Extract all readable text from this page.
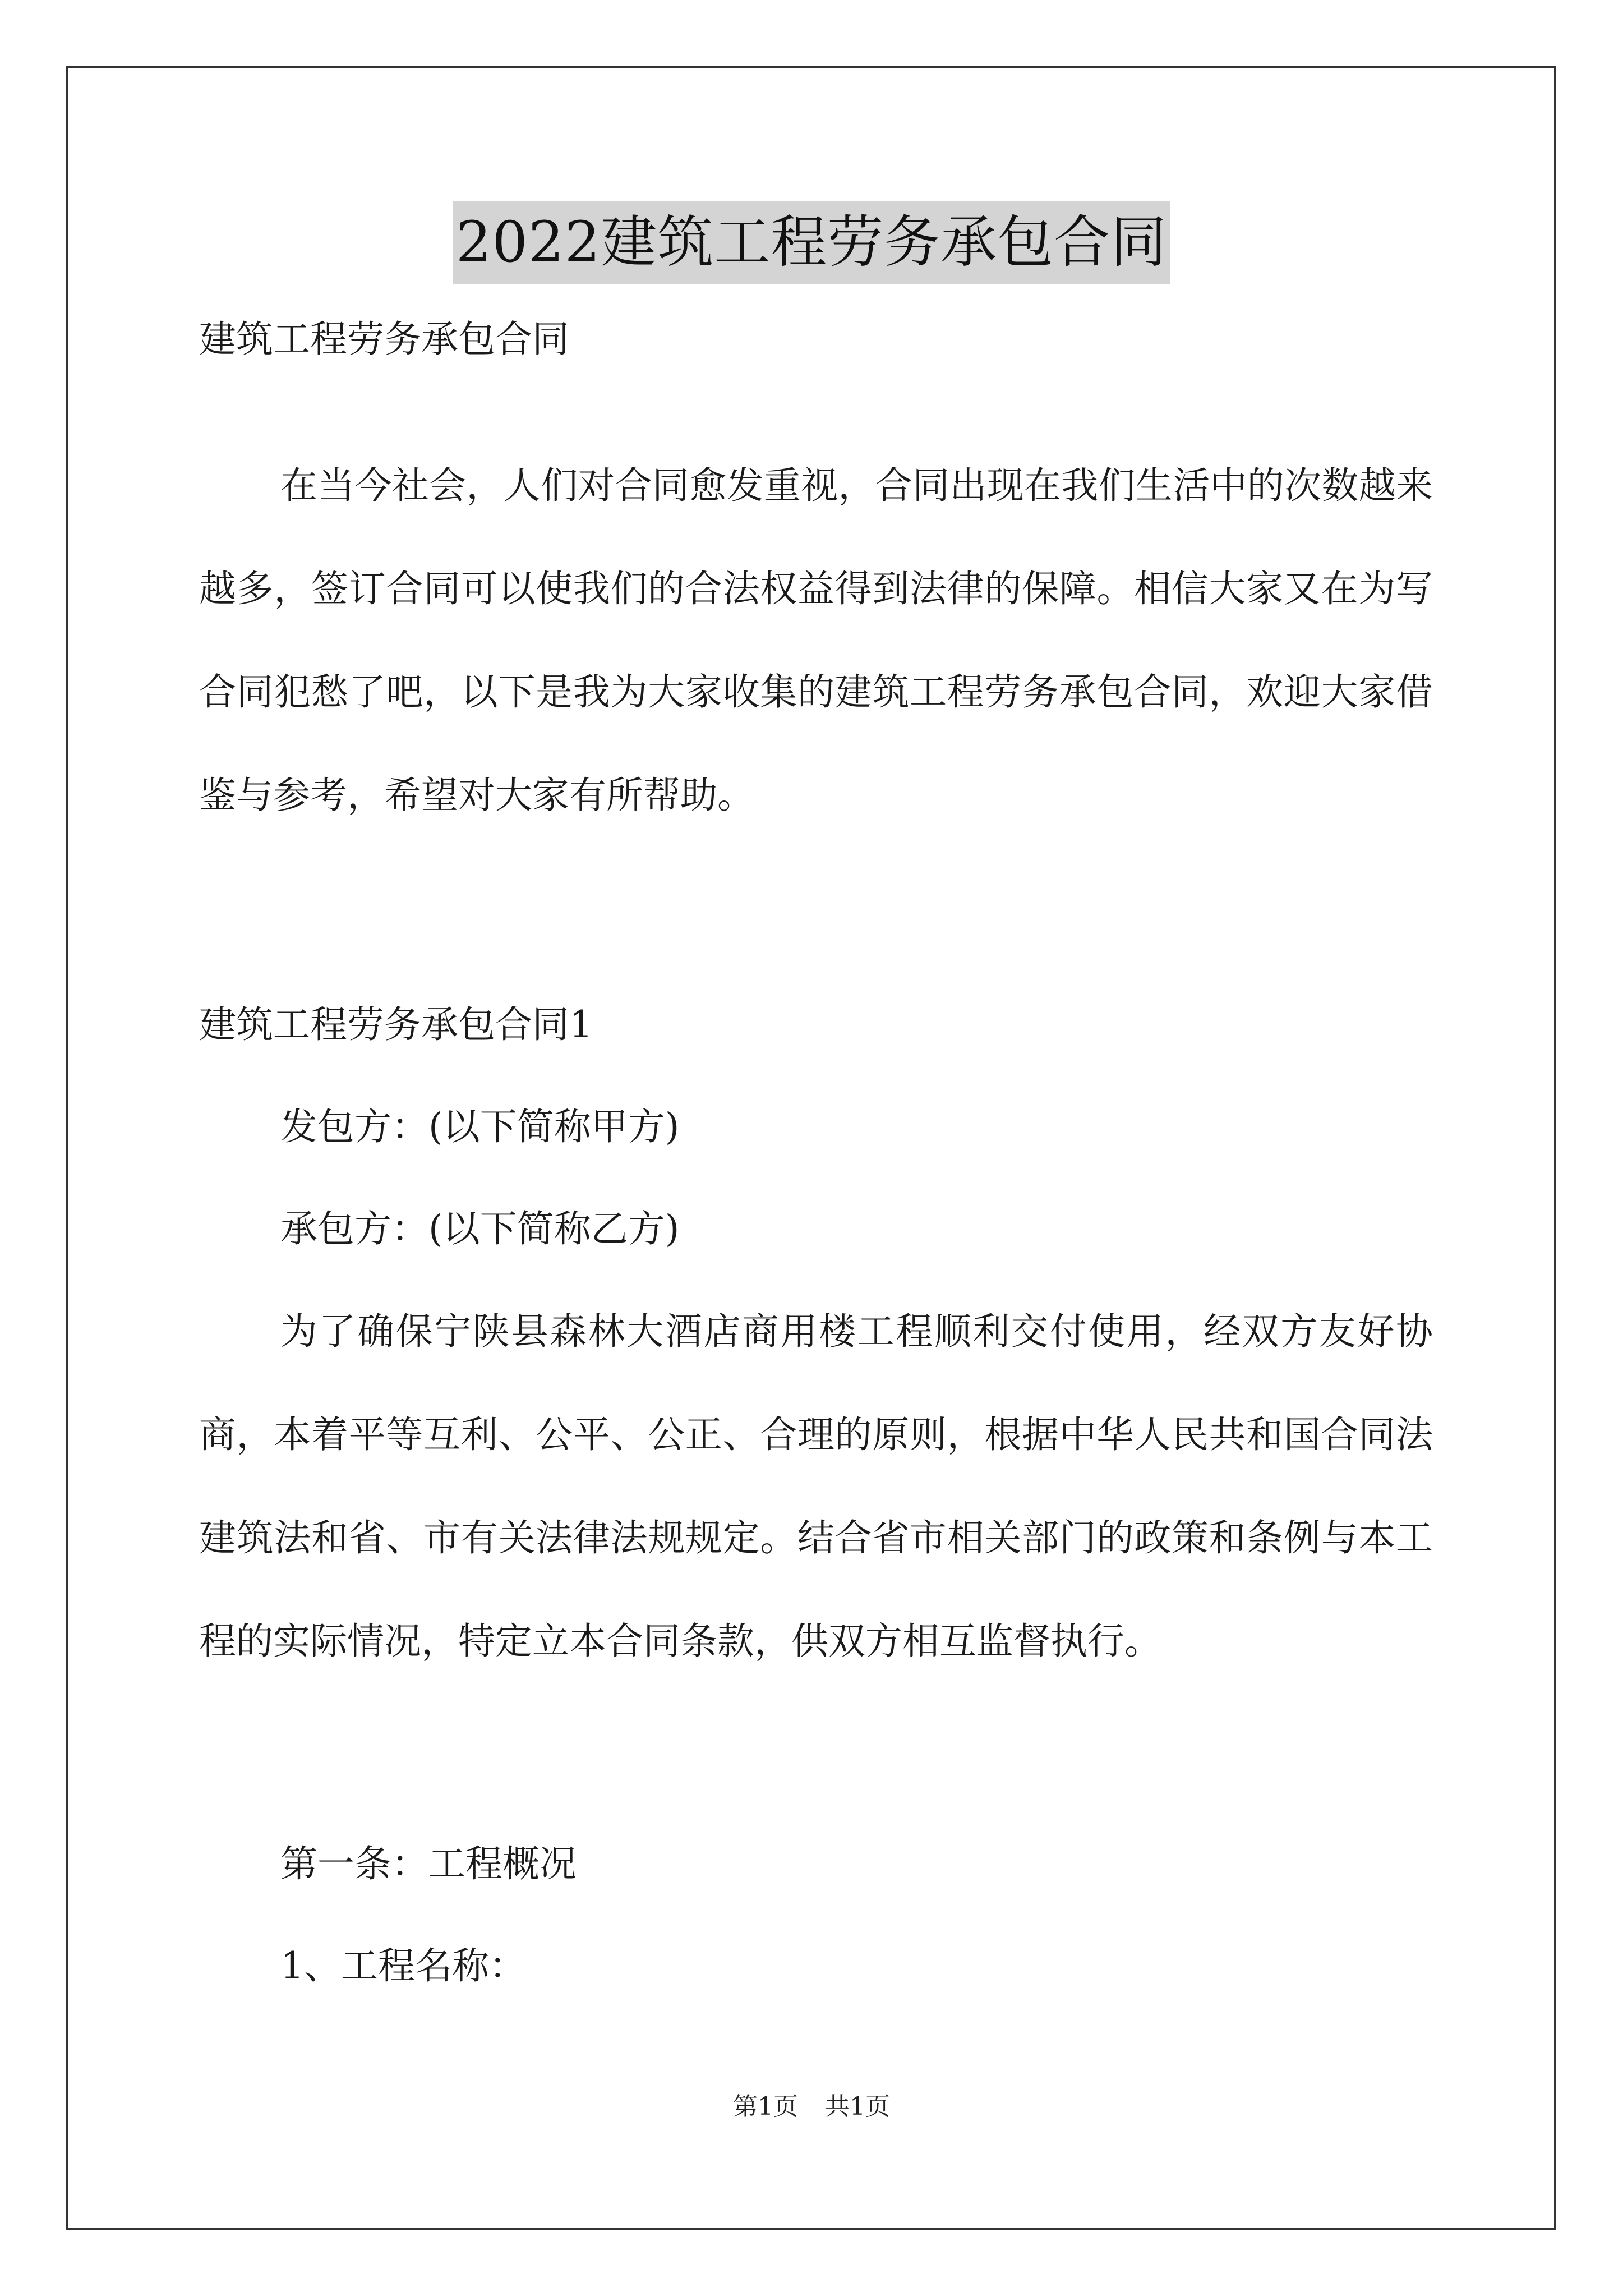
2022建筑工程劳务承包合同

建筑工程劳务承包合同

在当今社会，人们对合同愈发重视，合同出现在我们生活中的次数越来越多，签订合同可以使我们的合法权益得到法律的保障。相信大家又在为写合同犯愁了吧，以下是我为大家收集的建筑工程劳务承包合同，欢迎大家借鉴与参考，希望对大家有所帮助。

建筑工程劳务承包合同1

发包方：(以下简称甲方)

承包方：(以下简称乙方)

为了确保宁陕县森林大酒店商用楼工程顺利交付使用，经双方友好协商，本着平等互利、公平、公正、合理的原则，根据中华人民共和国合同法建筑法和省、市有关法律法规规定。结合省市相关部门的政策和条例与本工程的实际情况，特定立本合同条款，供双方相互监督执行。

第一条：工程概况

1、工程名称：

第1页 共1页
